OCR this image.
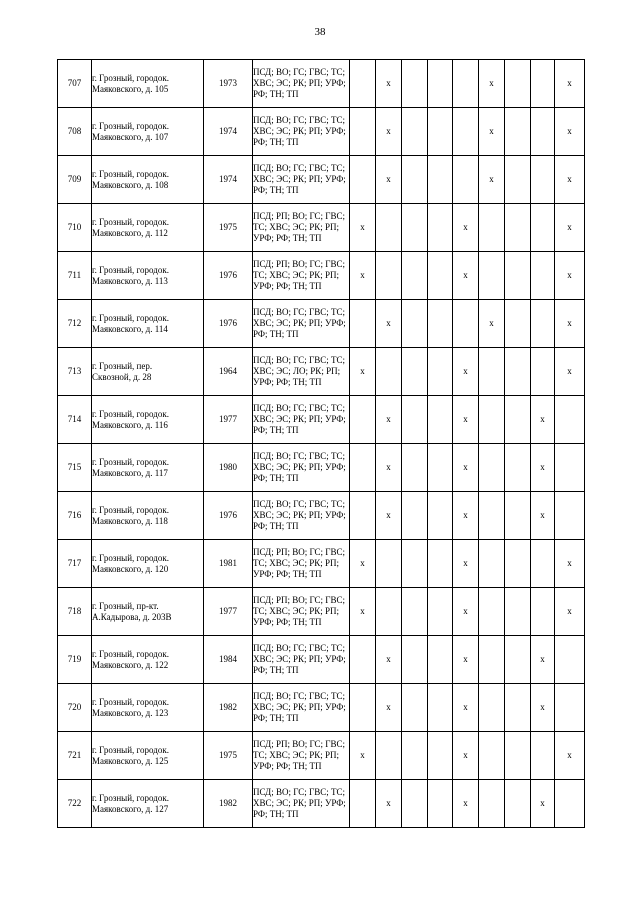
38
707	г. Грозный, городок.
Маяковского, д. 105	1973	ПСД; ВО; ГС; ГВС; ТС; ХВС; ЭС; РК; РП; УРФ; РФ; ТН; ТП		x				x			x
708	г. Грозный, городок.
Маяковского, д. 107	1974	ПСД; ВО; ГС; ГВС; ТС; ХВС; ЭС; РК; РП; УРФ; РФ; ТН; ТП		x				x			x
709	г. Грозный, городок.
Маяковского, д. 108	1974	ПСД; ВО; ГС; ГВС; ТС; ХВС; ЭС; РК; РП; УРФ; РФ; ТН; ТП		x				x			x
710	г. Грозный, городок.
Маяковского, д. 112	1975	ПСД; РП; ВО; ГС; ГВС; ТС; ХВС; ЭС; РК; РП; УРФ; РФ; ТН; ТП	x				x				x
711	г. Грозный, городок.
Маяковского, д. 113	1976	ПСД; РП; ВО; ГС; ГВС; ТС; ХВС; ЭС; РК; РП; УРФ; РФ; ТН; ТП	x				x				x
712	г. Грозный, городок.
Маяковского, д. 114	1976	ПСД; ВО; ГС; ГВС; ТС; ХВС; ЭС; РК; РП; УРФ; РФ; ТН; ТП		x				x			x
713	г. Грозный, пер.
Сквозной, д. 28	1964	ПСД; ВО; ГС; ГВС; ТС; ХВС; ЭС; ЛО; РК; РП; УРФ; РФ; ТН; ТП	x				x				x
714	г. Грозный, городок.
Маяковского, д. 116	1977	ПСД; ВО; ГС; ГВС; ТС; ХВС; ЭС; РК; РП; УРФ; РФ; ТН; ТП		x			x			x	
715	г. Грозный, городок.
Маяковского, д. 117	1980	ПСД; ВО; ГС; ГВС; ТС; ХВС; ЭС; РК; РП; УРФ; РФ; ТН; ТП		x			x			x	
716	г. Грозный, городок.
Маяковского, д. 118	1976	ПСД; ВО; ГС; ГВС; ТС; ХВС; ЭС; РК; РП; УРФ; РФ; ТН; ТП		x			x			x	
717	г. Грозный, городок.
Маяковского, д. 120	1981	ПСД; РП; ВО; ГС; ГВС; ТС; ХВС; ЭС; РК; РП; УРФ; РФ; ТН; ТП	x				x				x
718	г. Грозный, пр-кт.
А.Кадырова, д. 203В	1977	ПСД; РП; ВО; ГС; ГВС; ТС; ХВС; ЭС; РК; РП; УРФ; РФ; ТН; ТП	x				x				x
719	г. Грозный, городок.
Маяковского, д. 122	1984	ПСД; ВО; ГС; ГВС; ТС; ХВС; ЭС; РК; РП; УРФ; РФ; ТН; ТП		x			x			x	
720	г. Грозный, городок.
Маяковского, д. 123	1982	ПСД; ВО; ГС; ГВС; ТС; ХВС; ЭС; РК; РП; УРФ; РФ; ТН; ТП		x			x			x	
721	г. Грозный, городок.
Маяковского, д. 125	1975	ПСД; РП; ВО; ГС; ГВС; ТС; ХВС; ЭС; РК; РП; УРФ; РФ; ТН; ТП	x				x				x
722	г. Грозный, городок.
Маяковского, д. 127	1982	ПСД; ВО; ГС; ГВС; ТС; ХВС; ЭС; РК; РП; УРФ; РФ; ТН; ТП		x			x			x	
